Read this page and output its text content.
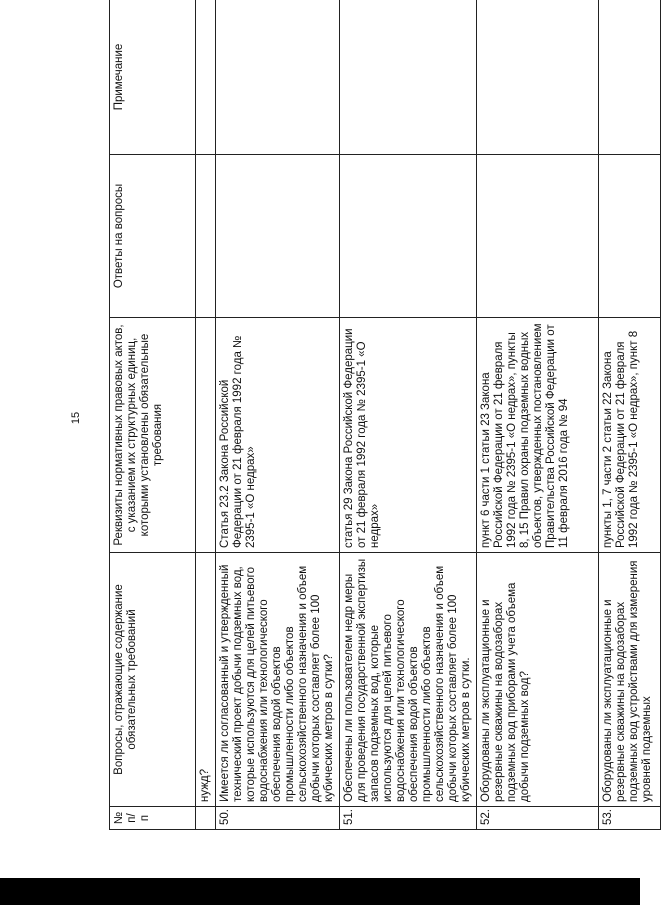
15
№ п/п	Вопросы, отражающие содержание обязательных требований	Реквизиты нормативных правовых актов, с указанием их структурных единиц, которыми установлены обязательные требования	Ответы на вопросы	Примечание
	нужд?			
50.	Имеется ли согласованный и утвержденный технический проект добычи подземных вод, которые используются для целей питьевого водоснабжения или технологического обеспечения водой объектов промышленности либо объектов сельскохозяйственного назначения и объем добычи которых составляет более 100 кубических метров в сутки?	Статья 23.2 Закона Российской Федерации от 21 февраля 1992 года № 2395-1 «О недрах»		
51.	Обеспечены ли пользователем недр меры для проведения государственной экспертизы запасов подземных вод, которые используются для целей питьевого водоснабжения или технологического обеспечения водой объектов промышленности либо объектов сельскохозяйственного назначения и объем добычи которых составляет более 100 кубических метров в сутки.	статья 29 Закона Российской Федерации от 21 февраля 1992 года № 2395-1 «О недрах»		
52.	Оборудованы ли эксплуатационные и резервные скважины на водозаборах подземных вод приборами учета объема добычи подземных вод?	пункт 6 части 1 статьи 23 Закона Российской Федерации от 21 февраля 1992 года № 2395-1 «О недрах», пункты 8, 15 Правил охраны подземных водных объектов, утвержденных постановлением Правительства Российской Федерации от 11 февраля 2016 года № 94		
53.	Оборудованы ли эксплуатационные и резервные скважины на водозаборах подземных вод устройствами для измерения уровней подземных	пункты 1, 7 части 2 статьи 22 Закона Российской Федерации от 21 февраля 1992 года № 2395-1 «О недрах», пункт 8		
